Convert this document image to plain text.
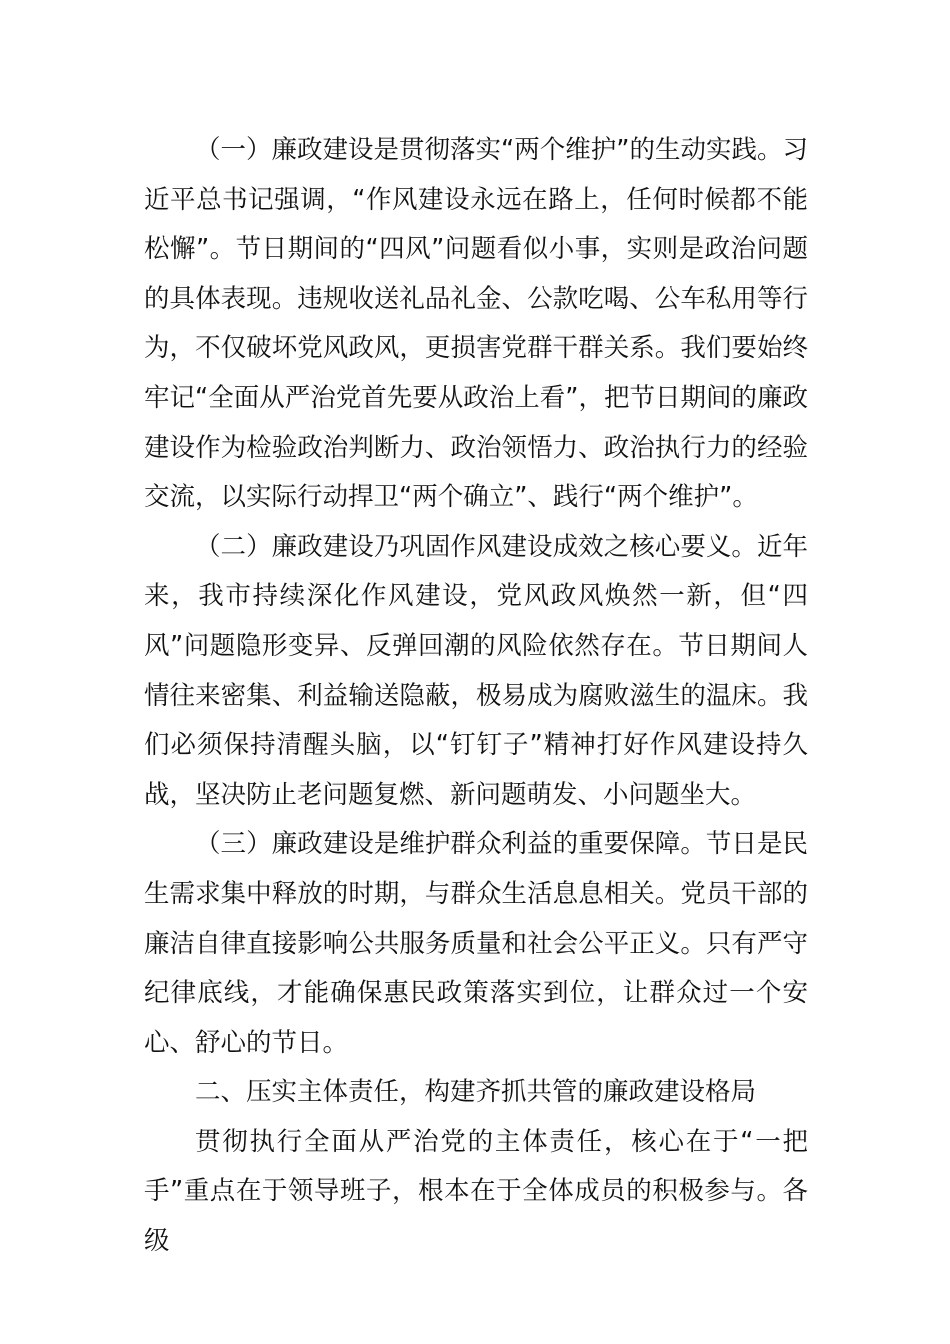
（一）廉政建设是贯彻落实“两个维护”的生动实践。习近平总书记强调，“作风建设永远在路上，任何时候都不能松懈”。节日期间的“四风”问题看似小事，实则是政治问题的具体表现。违规收送礼品礼金、公款吃喝、公车私用等行为，不仅破坏党风政风，更损害党群干群关系。我们要始终牢记“全面从严治党首先要从政治上看”，把节日期间的廉政建设作为检验政治判断力、政治领悟力、政治执行力的经验交流，以实际行动捍卫“两个确立”、践行“两个维护”。

（二）廉政建设乃巩固作风建设成效之核心要义。近年来，我市持续深化作风建设，党风政风焕然一新，但“四风”问题隐形变异、反弹回潮的风险依然存在。节日期间人情往来密集、利益输送隐蔽，极易成为腐败滋生的温床。我们必须保持清醒头脑，以“钉钉子”精神打好作风建设持久战，坚决防止老问题复燃、新问题萌发、小问题坐大。

（三）廉政建设是维护群众利益的重要保障。节日是民生需求集中释放的时期，与群众生活息息相关。党员干部的廉洁自律直接影响公共服务质量和社会公平正义。只有严守纪律底线，才能确保惠民政策落实到位，让群众过一个安心、舒心的节日。

二、压实主体责任，构建齐抓共管的廉政建设格局

贯彻执行全面从严治党的主体责任，核心在于“一把手”重点在于领导班子，根本在于全体成员的积极参与。各级
